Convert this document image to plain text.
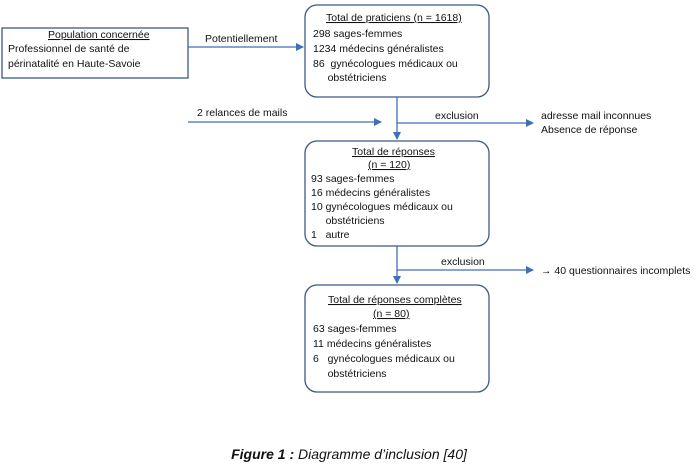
Population concernée
Professionnel de santé de
périnatalité en Haute-Savoie
Potentiellement
Total de praticiens (n = 1618)
298 sages-femmes
1234 médecins généralistes
86  gynécologues médicaux ou
obstétriciens
2 relances de mails	exclusion	adresse mail inconnues
Absence de réponse
Total de réponses
(n = 120)
93 sages-femmes
16 médecins généralistes
10 gynécologues médicaux ou
obstétriciens
1   autre
exclusion
→ 40 questionnaires incomplets
Total de réponses complètes
(n = 80)
63 sages-femmes
11 médecins généralistes
6   gynécologues médicaux ou
obstétriciens
Figure 1 : Diagramme d’inclusion [40]
